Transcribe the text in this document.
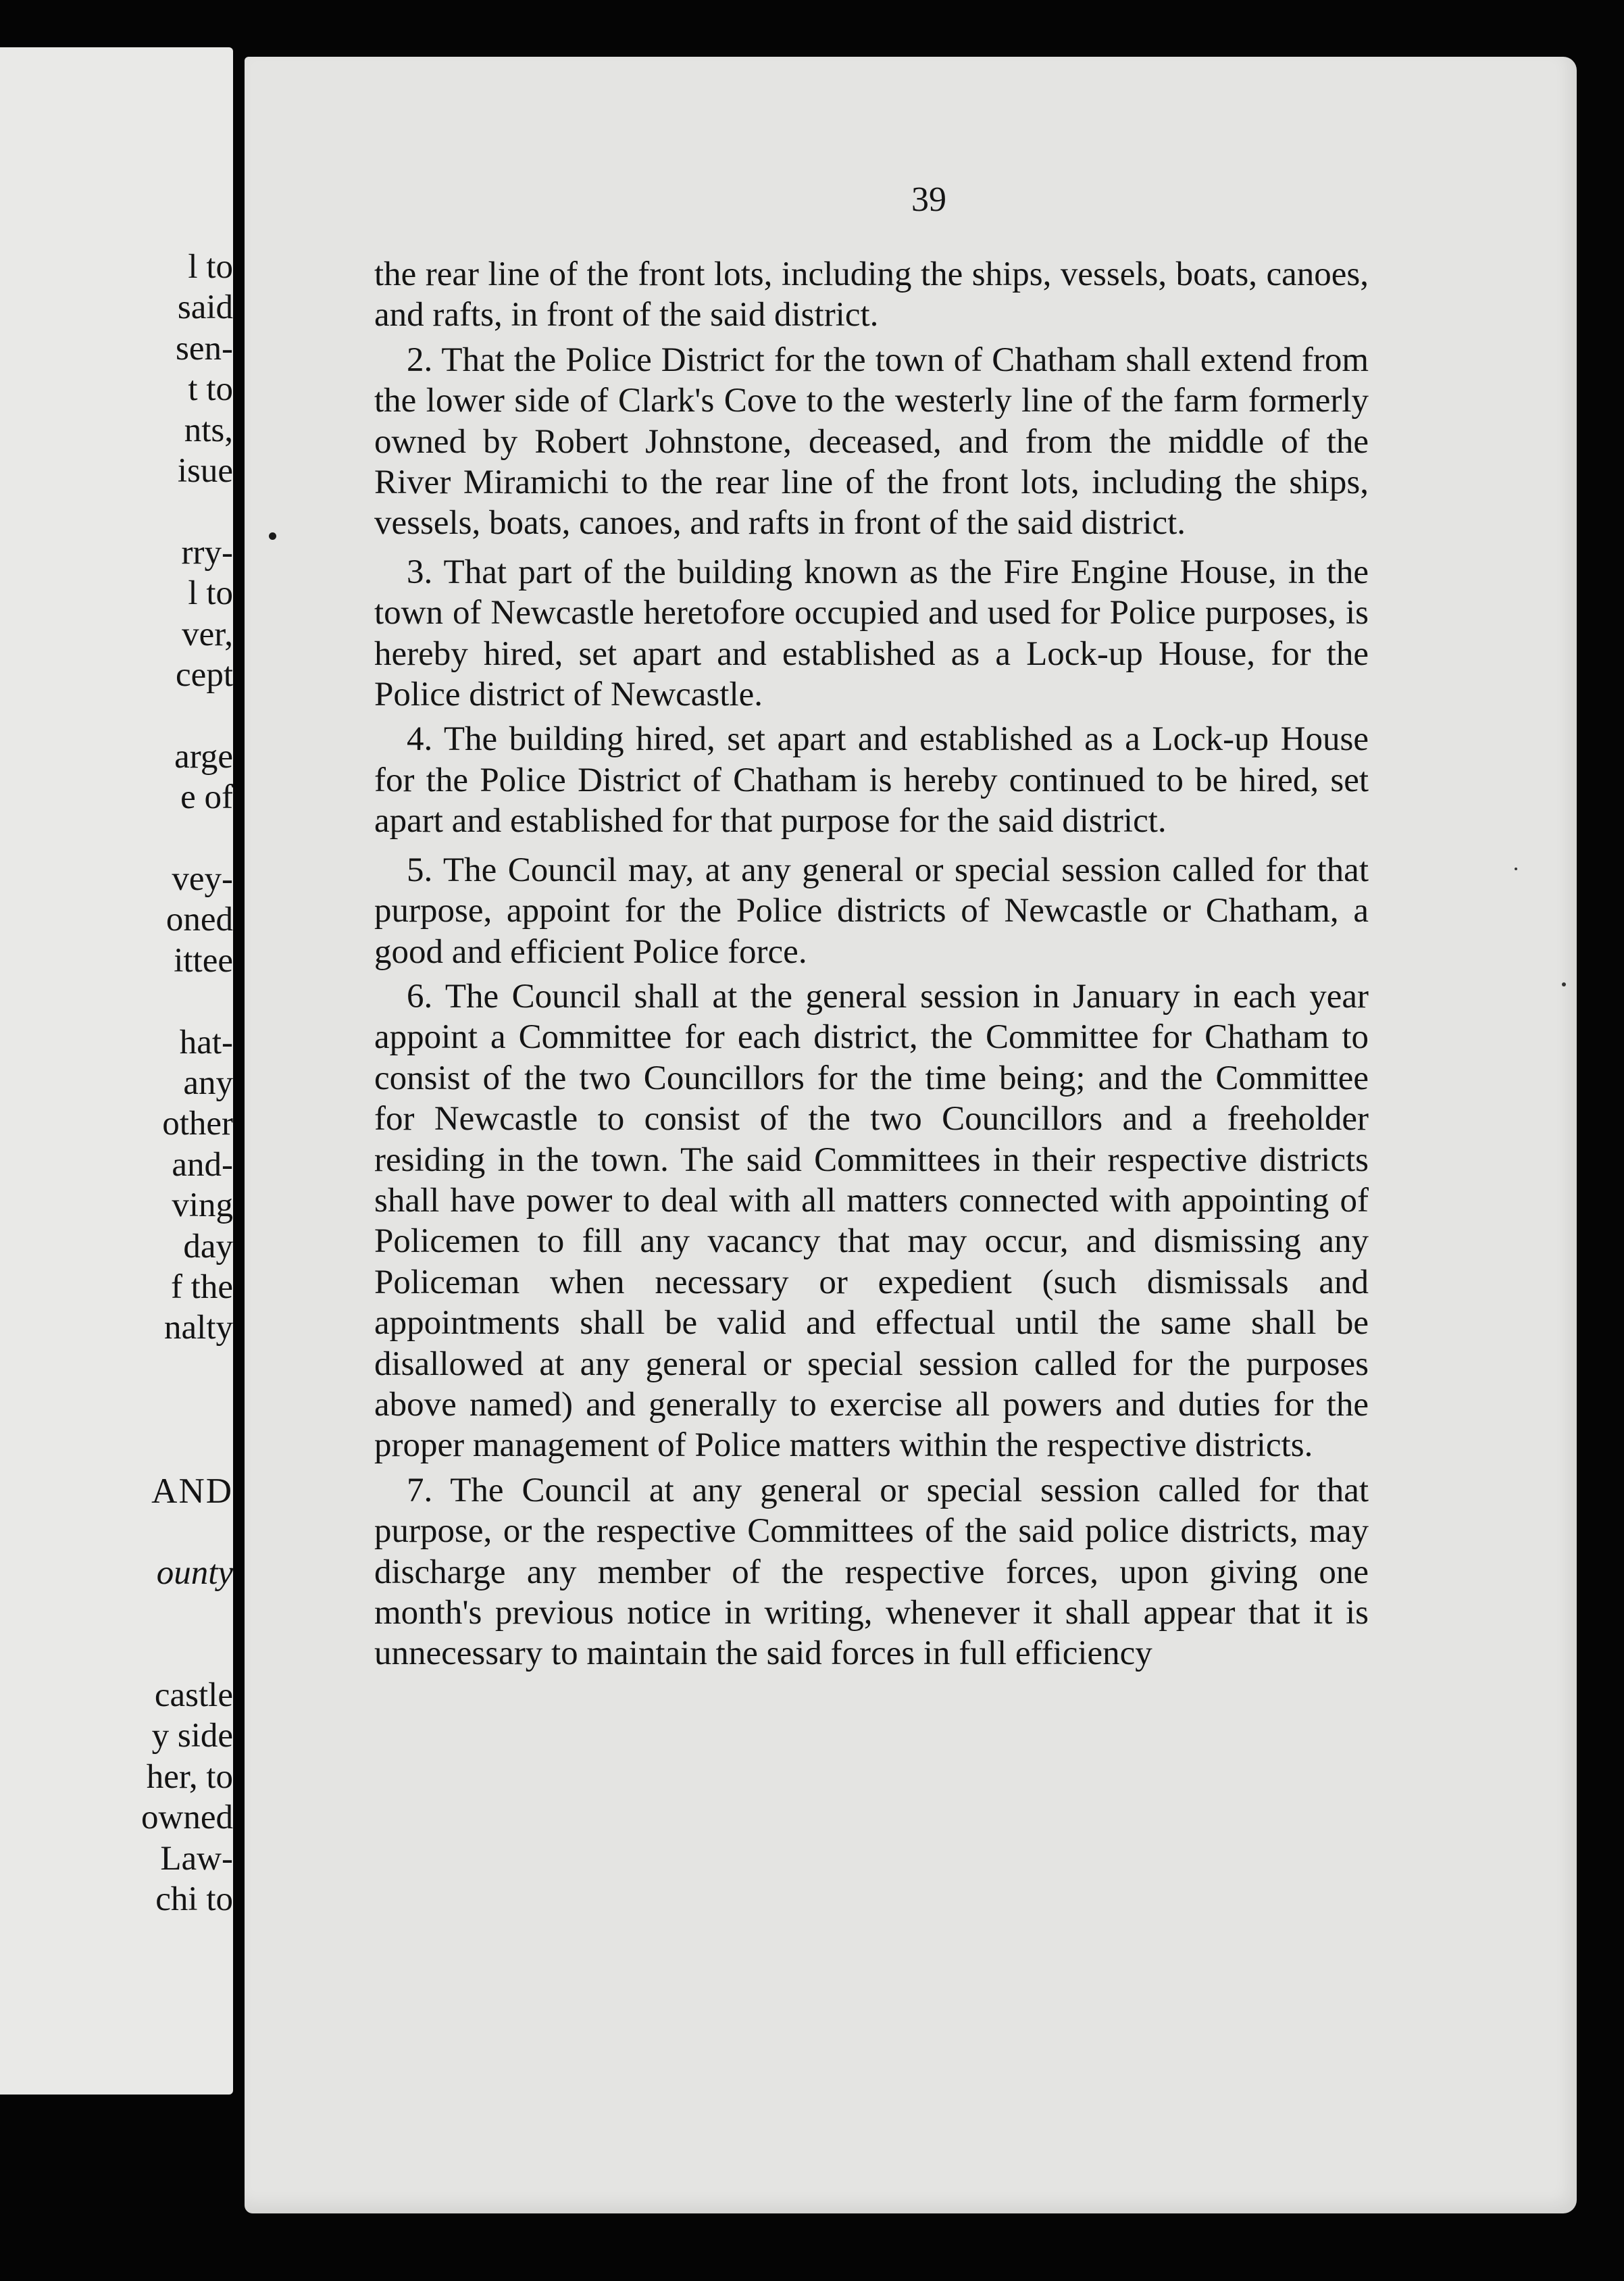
l to
said
sen-
t to
nts,
isue
rry-
l to
ver,
cept
arge
e of
vey-
oned
ittee
hat-
any
other
and-
ving
day
f the
nalty
AND
ounty
castle
y side
her, to
owned
Law-
chi to
39

the rear line of the front lots, including the ships, vessels, boats, canoes, and rafts, in front of the said district.

2. That the Police District for the town of Chatham shall extend from the lower side of Clark's Cove to the westerly line of the farm formerly owned by Robert Johnstone, deceased, and from the middle of the River Miramichi to the rear line of the front lots, including the ships, vessels, boats, canoes, and rafts in front of the said district.

3. That part of the building known as the Fire Engine House, in the town of Newcastle heretofore occupied and used for Police purposes, is hereby hired, set apart and established as a Lock-up House, for the Police district of Newcastle.

4. The building hired, set apart and established as a Lock-up House for the Police District of Chatham is hereby continued to be hired, set apart and established for that purpose for the said district.

5. The Council may, at any general or special session called for that purpose, appoint for the Police districts of Newcastle or Chatham, a good and efficient Police force.

6. The Council shall at the general session in January in each year appoint a Committee for each district, the Committee for Chatham to consist of the two Councillors for the time being; and the Committee for Newcastle to consist of the two Councillors and a freeholder residing in the town. The said Committees in their respective districts shall have power to deal with all matters connected with appointing of Policemen to fill any vacancy that may occur, and dismissing any Policeman when necessary or expedient (such dismissals and appointments shall be valid and effectual until the same shall be disallowed at any general or special session called for the purposes above named) and generally to exercise all powers and duties for the proper management of Police matters within the respective districts.

7. The Council at any general or special session called for that purpose, or the respective Committees of the said police districts, may discharge any member of the respective forces, upon giving one month's previous notice in writing, whenever it shall appear that it is unnecessary to maintain the said forces in full efficiency
